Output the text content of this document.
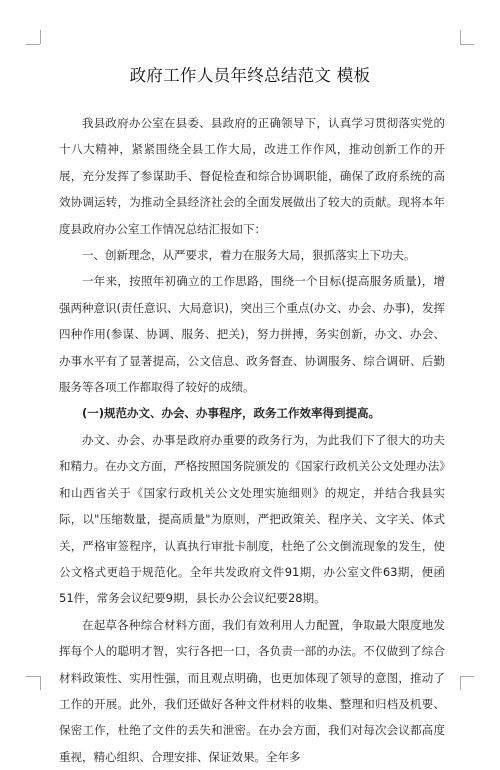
政府工作人员年终总结范文 模板

我县政府办公室在县委、县政府的正确领导下，认真学习贯彻落实党的十八大精神，紧紧围绕全县工作大局，改进工作作风，推动创新工作的开展，充分发挥了参谋助手、督促检查和综合协调职能，确保了政府系统的高效协调运转，为推动全县经济社会的全面发展做出了较大的贡献。现将本年度县政府办公室工作情况总结汇报如下：

一、创新理念，从严要求，着力在服务大局，狠抓落实上下功夫。

一年来，按照年初确立的工作思路，围绕一个目标(提高服务质量)，增强两种意识(责任意识、大局意识)，突出三个重点(办文、办会、办事)，发挥四种作用(参谋、协调、服务、把关)，努力拼搏，务实创新，办文、办会、办事水平有了显著提高，公文信息、政务督查、协调服务、综合调研、后勤服务等各项工作都取得了较好的成绩。

(一)规范办文、办会、办事程序，政务工作效率得到提高。

办文、办会、办事是政府办重要的政务行为，为此我们下了很大的功夫和精力。在办文方面，严格按照国务院颁发的《国家行政机关公文处理办法》和山西省关于《国家行政机关公文处理实施细则》的规定，并结合我县实际，以"压缩数量，提高质量"为原则，严把政策关、程序关、文字关、体式关，严格审签程序，认真执行审批卡制度，杜绝了公文倒流现象的发生，使公文格式更趋于规范化。全年共发政府文件91期，办公室文件63期，便函51件，常务会议纪要9期，县长办公会议纪要28期。

在起草各种综合材料方面，我们有效利用人力配置，争取最大限度地发挥每个人的聪明才智，实行各把一口，各负责一部的办法。不仅做到了综合材料政策性、实用性强，而且观点明确，也更加体现了领导的意图，推动了工作的开展。此外，我们还做好各种文件材料的收集、整理和归档及机要、保密工作，杜绝了文件的丢失和泄密。在办会方面，我们对每次会议都高度重视，精心组织、合理安排、保证效果。全年多
